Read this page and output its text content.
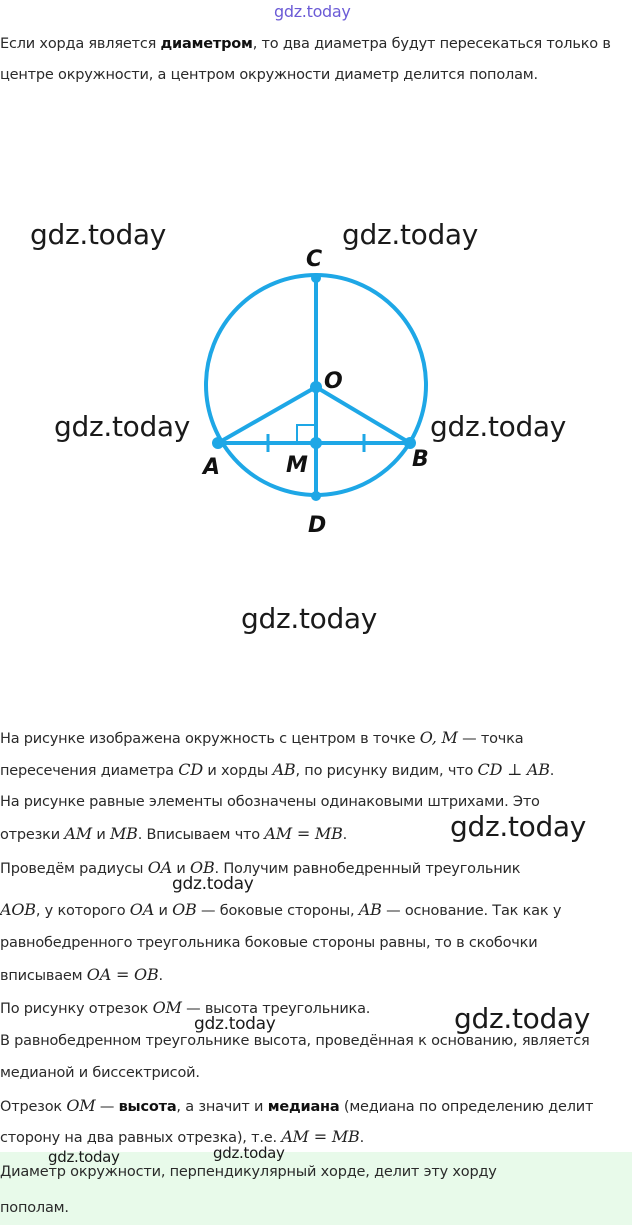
gdz.today

Если хорда является диаметром, то два диаметра будут пересекаться только в

центре окружности, а центром окружности диаметр делится пополам.

C
O
A	M	B
D
gdz.today	gdz.today
gdz.today	gdz.today
gdz.today

На рисунке изображена окружность с центром в точке O, M — точка

пересечения диаметра CD и хорды AB, по рисунку видим, что CD ⊥ AB.

На рисунке равные элементы обозначены одинаковыми штрихами. Это

отрезки AM и MB. Вписываем что AM = MB.

Проведём радиусы OA и OB. Получим равнобедренный треугольник

AOB, у которого OA и OB — боковые стороны, AB — основание. Так как у

равнобедренного треугольника боковые стороны равны, то в скобочки

вписываем OA = OB.

По рисунку отрезок OM — высота треугольника.

В равнобедренном треугольнике высота, проведённая к основанию, является

медианой и биссектрисой.

Отрезок OM — высота, а значит и медиана (медиана по определению делит

сторону на два равных отрезка), т.е. AM = MB.

Диаметр окружности, перпендикулярный хорде, делит эту хорду

пополам.

gdz.today
gdz.today
gdz.today	gdz.today
gdz.today	gdz.today
